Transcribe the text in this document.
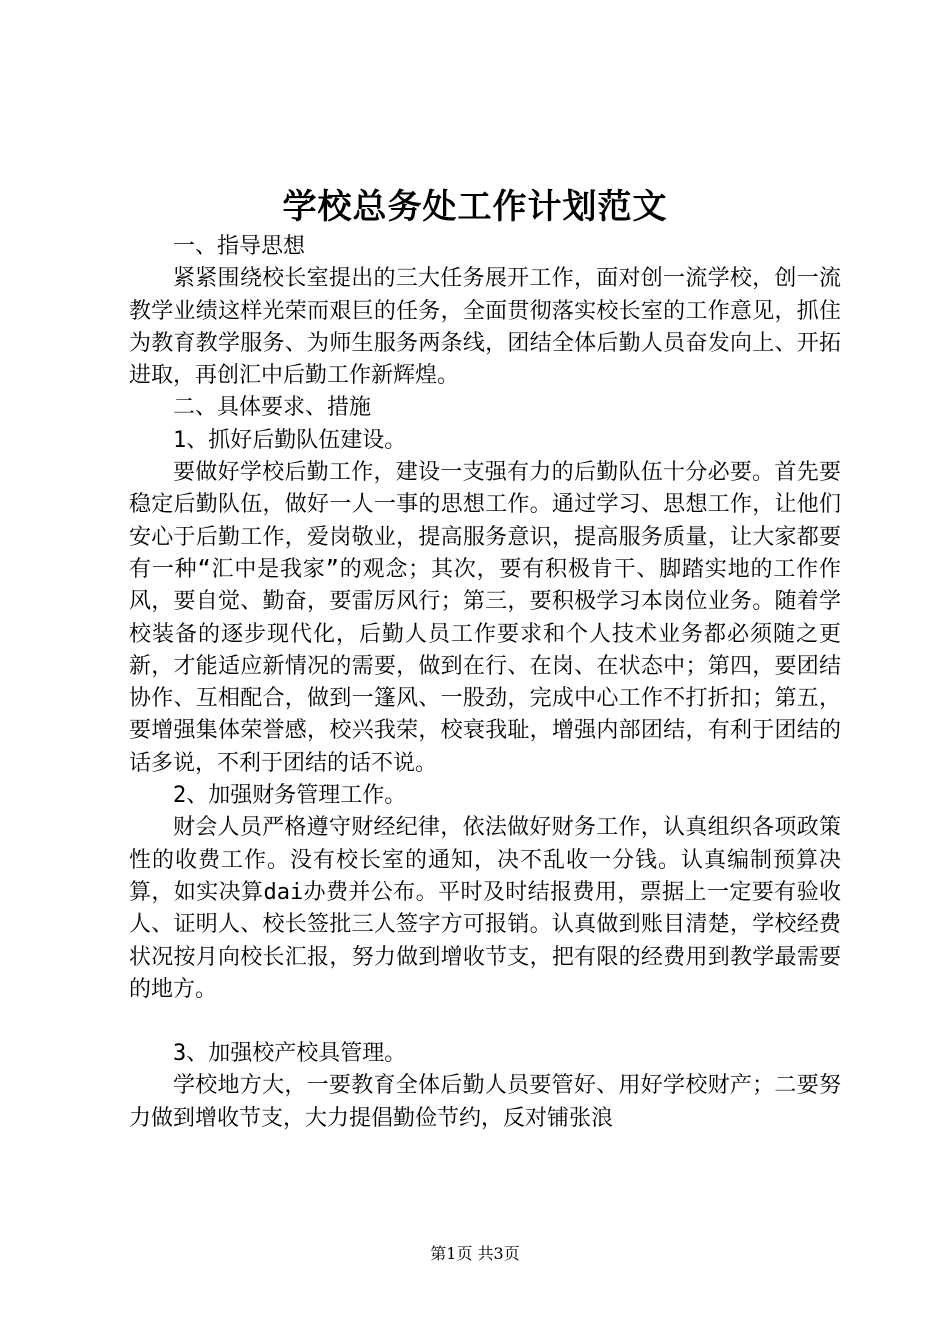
学校总务处工作计划范文

一、指导思想

紧紧围绕校长室提出的三大任务展开工作，面对创一流学校，创一流教学业绩这样光荣而艰巨的任务，全面贯彻落实校长室的工作意见，抓住为教育教学服务、为师生服务两条线，团结全体后勤人员奋发向上、开拓进取，再创汇中后勤工作新辉煌。

二、具体要求、措施

1、抓好后勤队伍建设。

要做好学校后勤工作，建设一支强有力的后勤队伍十分必要。首先要稳定后勤队伍，做好一人一事的思想工作。通过学习、思想工作，让他们安心于后勤工作，爱岗敬业，提高服务意识，提高服务质量，让大家都要有一种“汇中是我家”的观念；其次，要有积极肯干、脚踏实地的工作作风，要自觉、勤奋，要雷厉风行；第三，要积极学习本岗位业务。随着学校装备的逐步现代化，后勤人员工作要求和个人技术业务都必须随之更新，才能适应新情况的需要，做到在行、在岗、在状态中；第四，要团结协作、互相配合，做到一篷风、一股劲，完成中心工作不打折扣；第五，要增强集体荣誉感，校兴我荣，校衰我耻，增强内部团结，有利于团结的话多说，不利于团结的话不说。

2、加强财务管理工作。

财会人员严格遵守财经纪律，依法做好财务工作，认真组织各项政策性的收费工作。没有校长室的通知，决不乱收一分钱。认真编制预算决算，如实决算dai办费并公布。平时及时结报费用，票据上一定要有验收人、证明人、校长签批三人签字方可报销。认真做到账目清楚，学校经费状况按月向校长汇报，努力做到增收节支，把有限的经费用到教学最需要的地方。

3、加强校产校具管理。

学校地方大，一要教育全体后勤人员要管好、用好学校财产；二要努力做到增收节支，大力提倡勤俭节约，反对铺张浪

第1页 共3页
